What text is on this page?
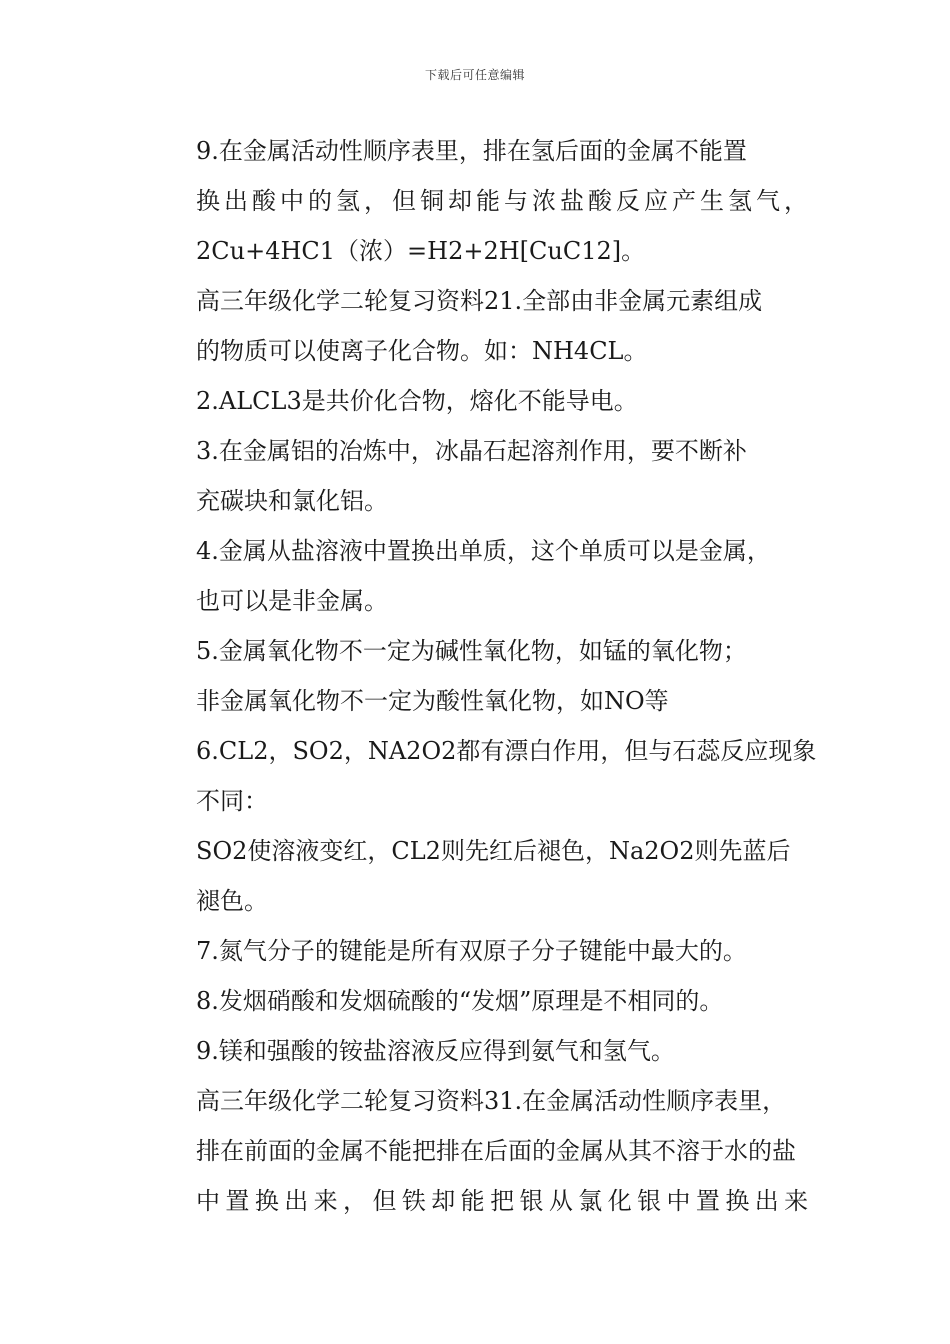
下载后可任意编辑
9.在金属活动性顺序表里，排在氢后面的金属不能置
换​出​酸​中​的​氢​，​但​铜​却​能​与​浓​盐​酸​反​应​产​生​氢​气​，​
2Cu+4HC1（浓）=H2+2H[CuC12]。
高三年级化学二轮复习资料21.全部由非金属元素组成
的物质可以使离子化合物。如：NH4CL。
2.ALCL3是共价化合物，熔化不能导电。
3.在金属铝的冶炼中，冰晶石起溶剂作用，要不断补
充碳块和氯化铝。
4.金属从盐溶液中置换出单质，这个单质可以是金属，
也可以是非金属。
5.金属氧化物不一定为碱性氧化物，如锰的氧化物；
非金属氧化物不一定为酸性氧化物，如NO等
6.CL2，SO2，NA2O2都有漂白作用，但与石蕊反应现象
不同：
SO2使溶液变红，CL2则先红后褪色，Na2O2则先蓝后
褪色。
7.氮气分子的键能是所有双原子分子键能中最大的。
8.发烟硝酸和发烟硫酸的“发烟”原理是不相同的。
9.镁和强酸的铵盐溶液反应得到氨气和氢气。
高三年级化学二轮复习资料31.在金属活动性顺序表里，
排在前面的金属不能把排在后面的金属从其不溶于水的盐
中​置​换​出​来​，​但​铁​却​能​把​银​从​氯​化​银​中​置​换​出​来​
